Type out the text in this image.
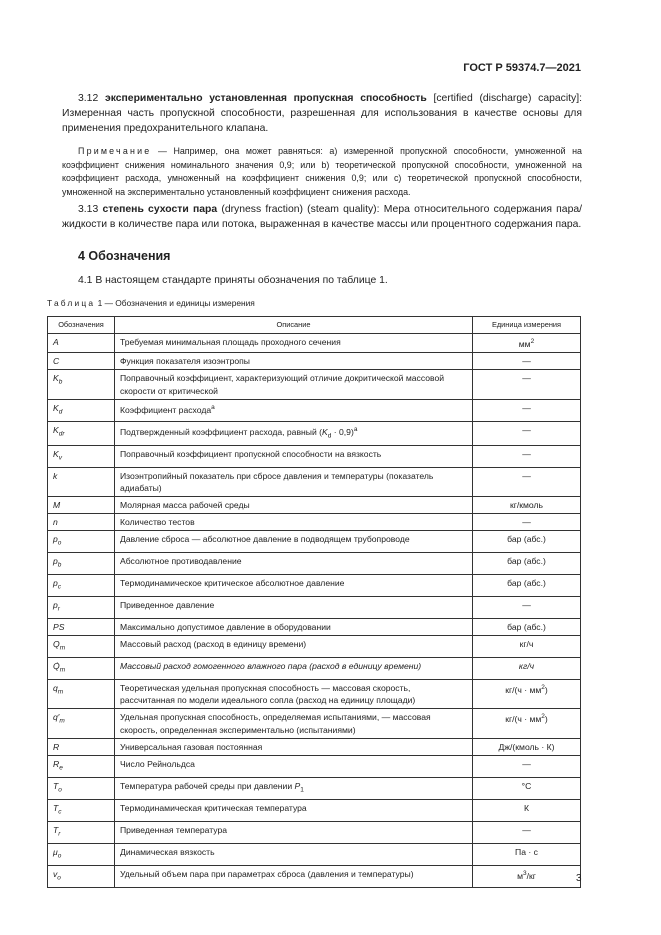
ГОСТ Р 59374.7—2021
3.12 экспериментально установленная пропускная способность [certified (discharge) capacity]: Измеренная часть пропускной способности, разрешенная для использования в качестве основы для применения предохранительного клапана.
Примечание — Например, она может равняться: a) измеренной пропускной способности, умноженной на коэффициент снижения номинального значения 0,9; или b) теоретической пропускной способности, умноженной на коэффициент расхода, умноженный на коэффициент снижения 0,9; или c) теоретической пропускной способности, умноженной на экспериментально установленный коэффициент снижения расхода.
3.13 степень сухости пара (dryness fraction) (steam quality): Мера относительного содержания пара/жидкости в количестве пара или потока, выраженная в качестве массы или процентного содержания пара.
4 Обозначения
4.1 В настоящем стандарте приняты обозначения по таблице 1.
Таблица 1 — Обозначения и единицы измерения
Обозначения	Описание	Единица измерения
A	Требуемая минимальная площадь проходного сечения	$мм^2$
C	Функция показателя изоэнтропы	—
$K_b$	Поправочный коэффициент, характеризующий отличие докритической массовой скорости от критической	—
$K_d$	Коэффициент расхода$^a$	—
$K_{dr}$	Подтвержденный коэффициент расхода, равный $(K_d \cdot 0,9)^a$	—
$K_v$	Поправочный коэффициент пропускной способности на вязкость	—
k	Изоэнтропийный показатель при сбросе давления и температуры (показатель адиабаты)	—
M	Молярная масса рабочей среды	кг/кмоль
n	Количество тестов	—
$p_o$	Давление сброса — абсолютное давление в подводящем трубопроводе	бар (абс.)
$p_b$	Абсолютное противодавление	бар (абс.)
$p_c$	Термодинамическое критическое абсолютное давление	бар (абс.)
$p_r$	Приведенное давление	—
PS	Максимально допустимое давление в оборудовании	бар (абс.)
$Q_m$	Массовый расход (расход в единицу времени)	кг/ч
$Q̇_m$	Массовый расход гомогенного влажного пара (расход в единицу времени)	кг/ч
$q_m$	Теоретическая удельная пропускная способность — массовая скорость, рассчитанная по модели идеального сопла (расход на единицу площади)	$кг/(ч \cdot мм^2)$
$q'_m$	Удельная пропускная способность, определяемая испытаниями, — массовая скорость, определенная экспериментально (испытаниями)	$кг/(ч \cdot мм^2)$
R	Универсальная газовая постоянная	Дж/(кмоль · К)
$R_e$	Число Рейнольдса	—
$T_o$	Температура рабочей среды при давлении $P_1$	°C
$T_c$	Термодинамическая критическая температура	К
$T_r$	Приведенная температура	—
$\mu_o$	Динамическая вязкость	Па · с
$v_o$	Удельный объем пара при параметрах сброса (давления и температуры)	$м^3/кг$	3
